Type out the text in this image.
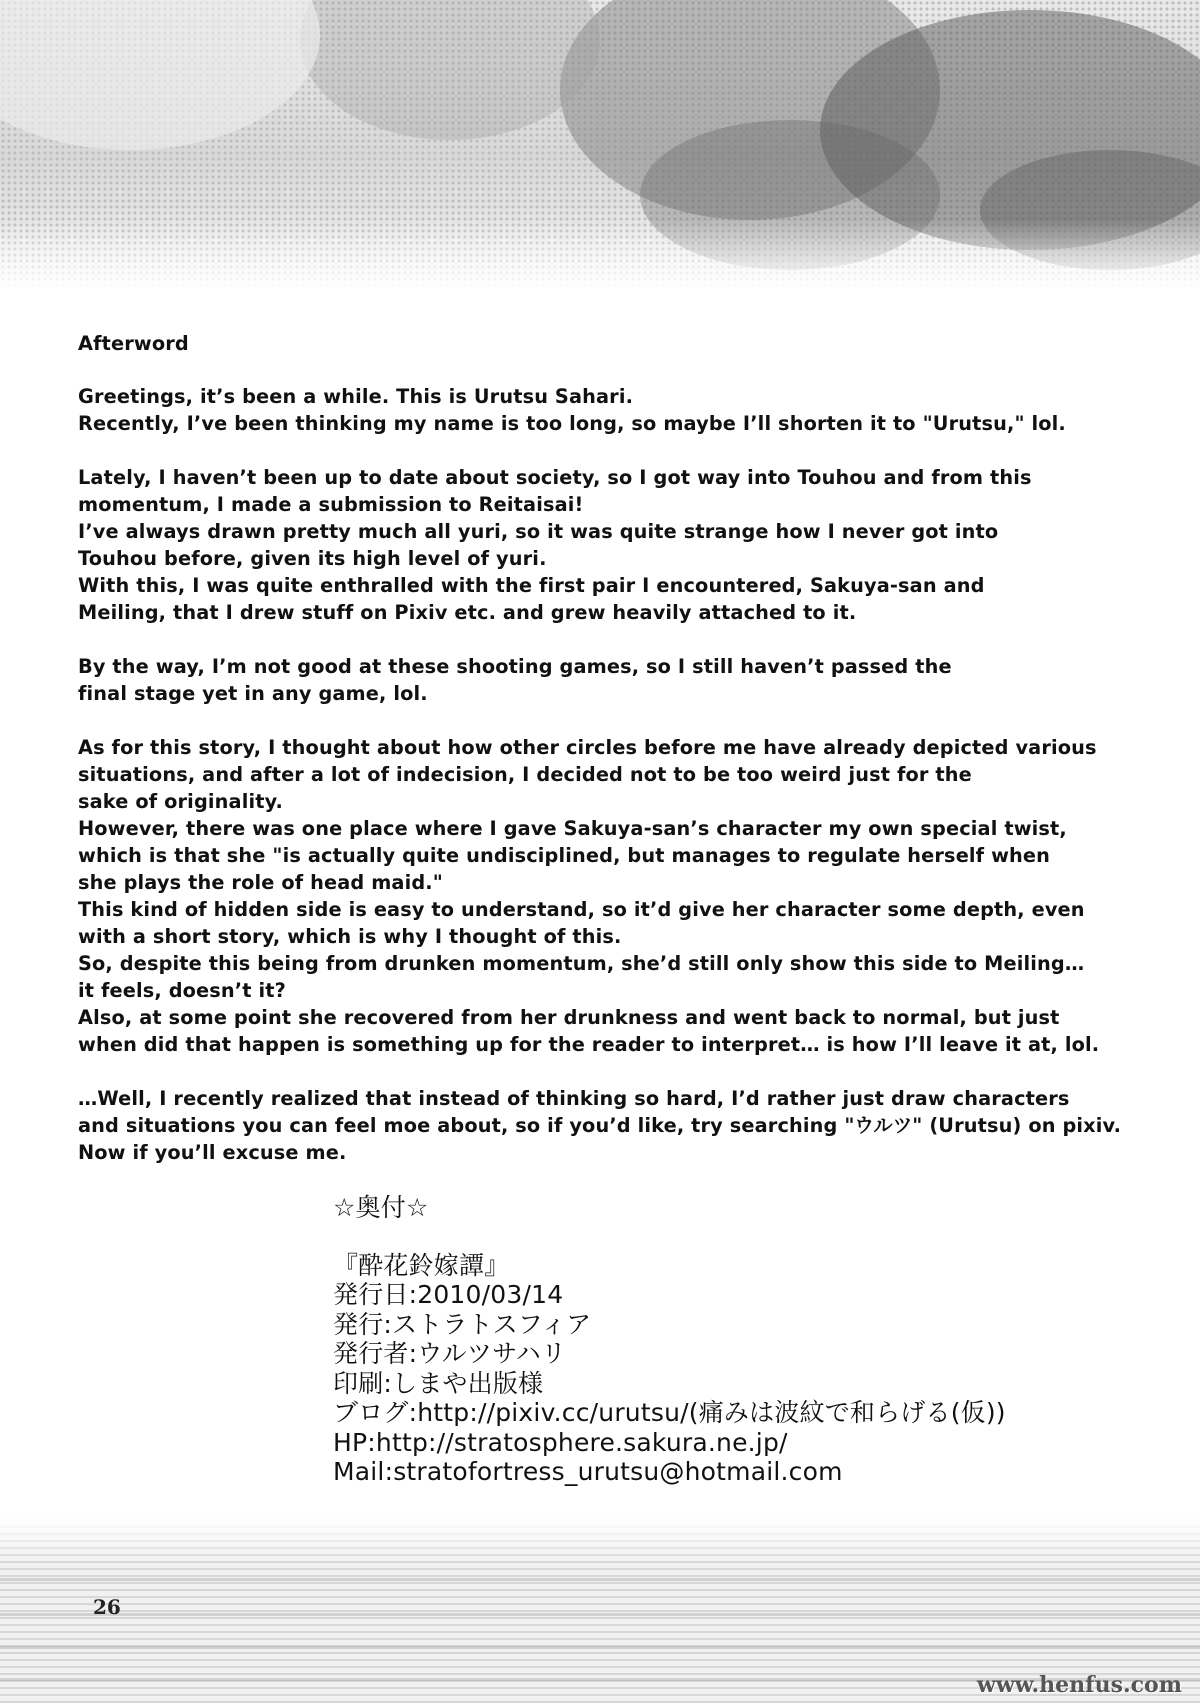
Afterword

Greetings, it’s been a while. This is Urutsu Sahari.
Recently, I’ve been thinking my name is too long, so maybe I’ll shorten it to "Urutsu," lol.

Lately, I haven’t been up to date about society, so I got way into Touhou and from this
momentum, I made a submission to Reitaisai!
I’ve always drawn pretty much all yuri, so it was quite strange how I never got into
Touhou before, given its high level of yuri.
With this, I was quite enthralled with the first pair I encountered, Sakuya-san and
Meiling, that I drew stuff on Pixiv etc. and grew heavily attached to it.

By the way, I’m not good at these shooting games, so I still haven’t passed the
final stage yet in any game, lol.

As for this story, I thought about how other circles before me have already depicted various
situations, and after a lot of indecision, I decided not to be too weird just for the
sake of originality.
However, there was one place where I gave Sakuya-san’s character my own special twist,
which is that she "is actually quite undisciplined, but manages to regulate herself when
she plays the role of head maid."
This kind of hidden side is easy to understand, so it’d give her character some depth, even
with a short story, which is why I thought of this.
So, despite this being from drunken momentum, she’d still only show this side to Meiling…
it feels, doesn’t it?
Also, at some point she recovered from her drunkness and went back to normal, but just
when did that happen is something up for the reader to interpret… is how I’ll leave it at, lol.

…Well, I recently realized that instead of thinking so hard, I’d rather just draw characters
and situations you can feel moe about, so if you’d like, try searching "ウルツ" (Urutsu) on pixiv.
Now if you’ll excuse me.

☆奥付☆
『酔花鈴嫁譚』
発行日:2010/03/14
発行:ストラトスフィア
発行者:ウルツサハリ
印刷:しまや出版様
ブログ:http://pixiv.cc/urutsu/(痛みは波紋で和らげる(仮))
HP:http://stratosphere.sakura.ne.jp/
Mail:stratofortress_urutsu@hotmail.com
26
www.henfus.com
